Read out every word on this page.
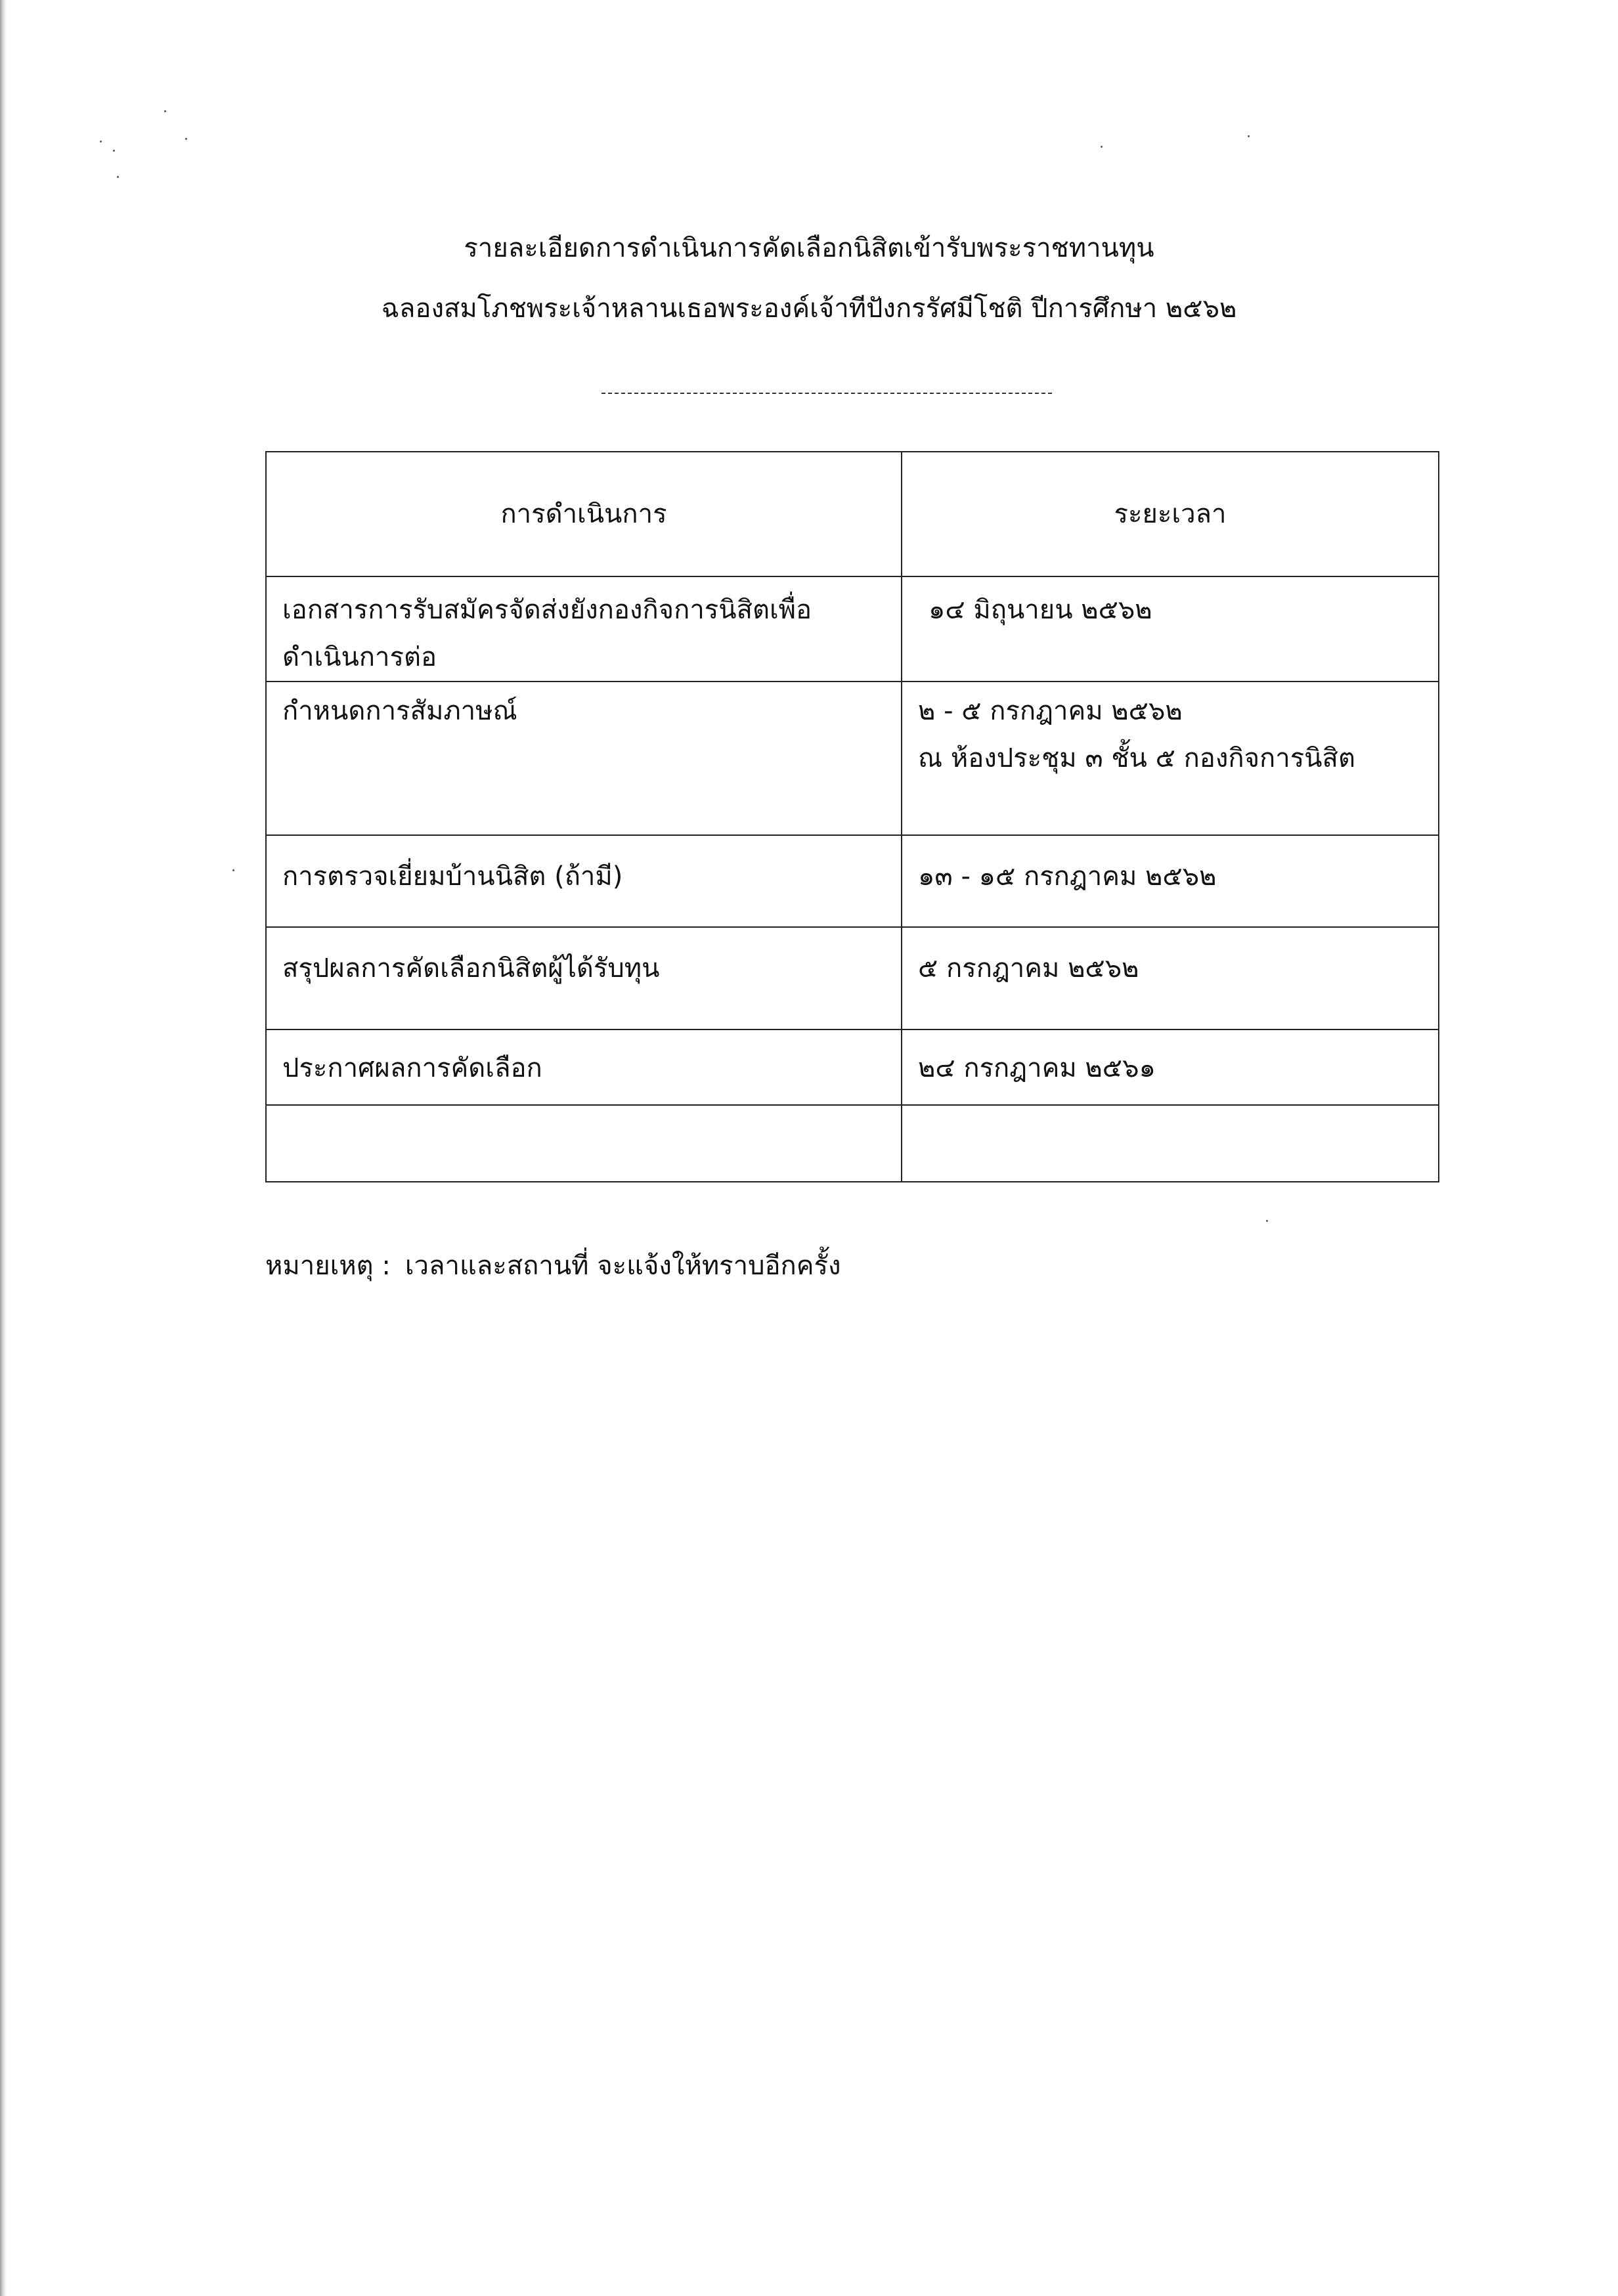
รายละเอียดการดำเนินการคัดเลือกนิสิตเข้ารับพระราชทานทุน
ฉลองสมโภชพระเจ้าหลานเธอพระองค์เจ้าทีปังกรรัศมีโชติ ปีการศึกษา ๒๕๖๒
การดำเนินการ	ระยะเวลา

เอกสารการรับสมัครจัดส่งยังกองกิจการนิสิตเพื่อ
ดำเนินการต่อ	๑๔ มิถุนายน ๒๕๖๒

กำหนดการสัมภาษณ์	๒ - ๕ กรกฎาคม ๒๕๖๒
ณ ห้องประชุม ๓ ชั้น ๕ กองกิจการนิสิต

การตรวจเยี่ยมบ้านนิสิต (ถ้ามี)	๑๓ - ๑๕ กรกฎาคม ๒๕๖๒

สรุปผลการคัดเลือกนิสิตผู้ได้รับทุน	๕ กรกฎาคม ๒๕๖๒

ประกาศผลการคัดเลือก	๒๔ กรกฎาคม ๒๕๖๑

หมายเหตุ : เวลาและสถานที่ จะแจ้งให้ทราบอีกครั้ง
